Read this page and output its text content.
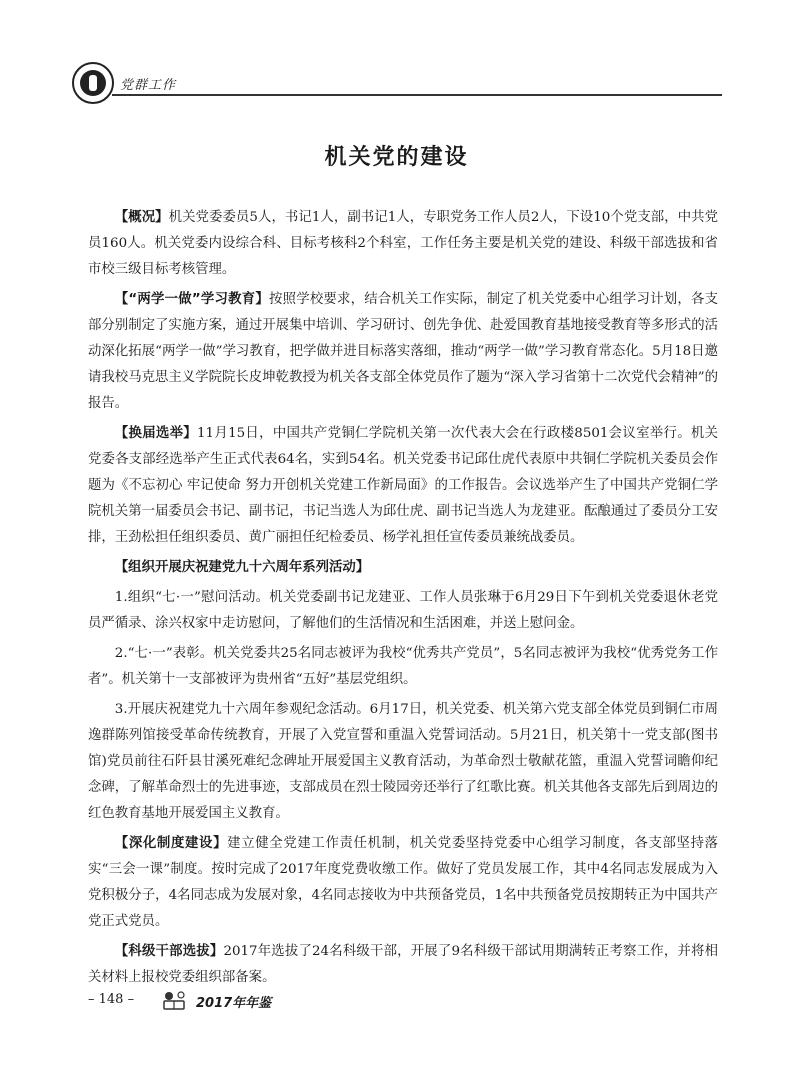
党群工作
机关党的建设

【概况】机关党委委员5人，书记1人，副书记1人，专职党务工作人员2人，下设10个党支部，中共党员160人。机关党委内设综合科、目标考核科2个科室，工作任务主要是机关党的建设、科级干部选拔和省市校三级目标考核管理。

【“两学一做”学习教育】按照学校要求，结合机关工作实际，制定了机关党委中心组学习计划，各支部分别制定了实施方案，通过开展集中培训、学习研讨、创先争优、赴爱国教育基地接受教育等多形式的活动深化拓展“两学一做”学习教育，把学做并进目标落实落细，推动“两学一做”学习教育常态化。5月18日邀请我校马克思主义学院院长皮坤乾教授为机关各支部全体党员作了题为“深入学习省第十二次党代会精神”的报告。

【换届选举】11月15日，中国共产党铜仁学院机关第一次代表大会在行政楼8501会议室举行。机关党委各支部经选举产生正式代表64名，实到54名。机关党委书记邱仕虎代表原中共铜仁学院机关委员会作题为《不忘初心 牢记使命 努力开创机关党建工作新局面》的工作报告。会议选举产生了中国共产党铜仁学院机关第一届委员会书记、副书记，书记当选人为邱仕虎、副书记当选人为龙建亚。酝酿通过了委员分工安排，王劲松担任组织委员、黄广丽担任纪检委员、杨学礼担任宣传委员兼统战委员。

【组织开展庆祝建党九十六周年系列活动】

1.组织“七·一”慰问活动。机关党委副书记龙建亚、工作人员张琳于6月29日下午到机关党委退休老党员严循录、涂兴权家中走访慰问，了解他们的生活情况和生活困难，并送上慰问金。

2.“七·一”表彰。机关党委共25名同志被评为我校“优秀共产党员”，5名同志被评为我校“优秀党务工作者”。机关第十一支部被评为贵州省“五好”基层党组织。

3.开展庆祝建党九十六周年参观纪念活动。6月17日，机关党委、机关第六党支部全体党员到铜仁市周逸群陈列馆接受革命传统教育，开展了入党宣誓和重温入党誓词活动。5月21日，机关第十一党支部(图书馆)党员前往石阡县甘溪死难纪念碑址开展爱国主义教育活动，为革命烈士敬献花篮，重温入党誓词瞻仰纪念碑，了解革命烈士的先进事迹，支部成员在烈士陵园旁还举行了红歌比赛。机关其他各支部先后到周边的红色教育基地开展爱国主义教育。

【深化制度建设】建立健全党建工作责任机制，机关党委坚持党委中心组学习制度，各支部坚持落实“三会一课”制度。按时完成了2017年度党费收缴工作。做好了党员发展工作，其中4名同志发展成为入党积极分子，4名同志成为发展对象，4名同志接收为中共预备党员，1名中共预备党员按期转正为中国共产党正式党员。

【科级干部选拔】2017年选拔了24名科级干部，开展了9名科级干部试用期满转正考察工作，并将相关材料上报校党委组织部备案。

– 148 –	2017年年鉴
